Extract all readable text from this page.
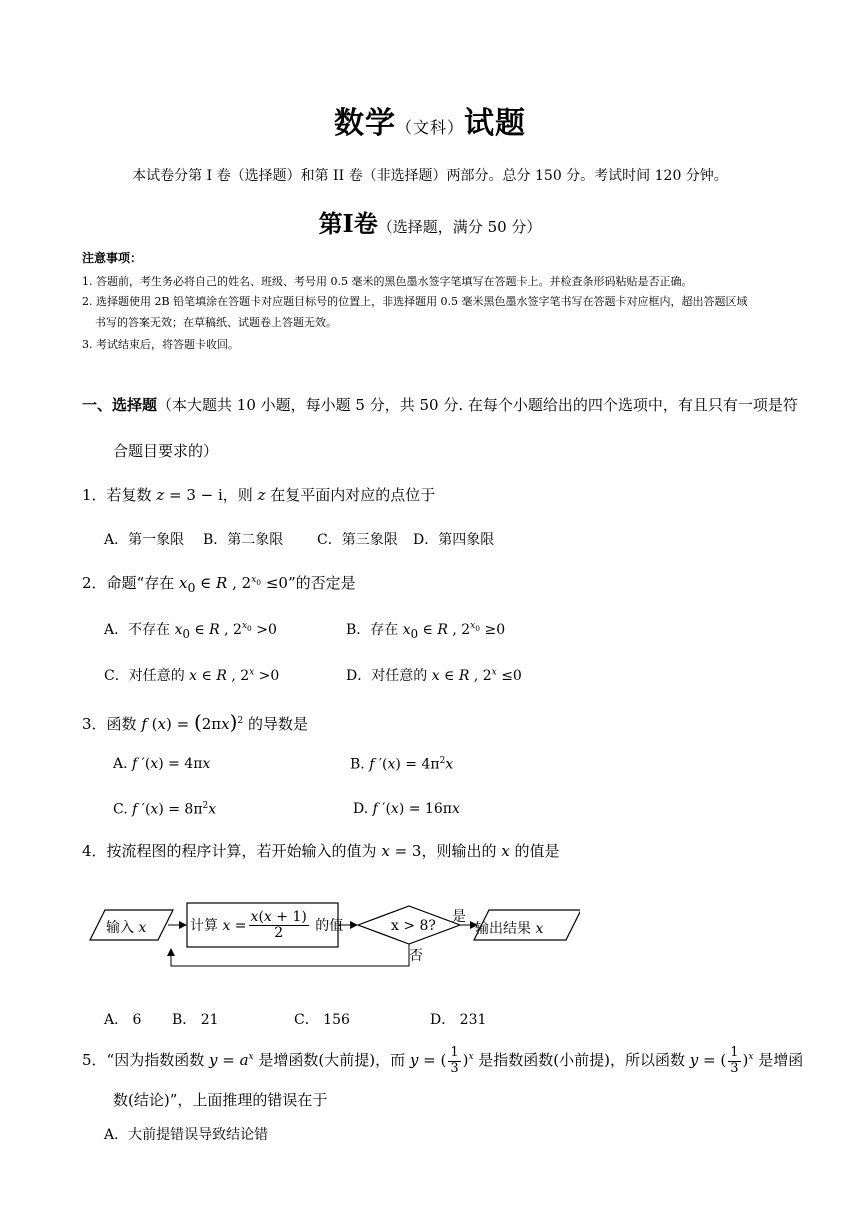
数学（文科）试题
本试卷分第 I 卷（选择题）和第 II 卷（非选择题）两部分。总分 150 分。考试时间 120 分钟。
第Ⅰ卷（选择题，满分 50 分）
注意事项：
1. 答题前，考生务必将自己的姓名、班级、考号用 0.5 毫米的黑色墨水签字笔填写在答题卡上。并检查条形码粘贴是否正确。
2. 选择题使用 2B 铅笔填涂在答题卡对应题目标号的位置上，非选择题用 0.5 毫米黑色墨水签字笔书写在答题卡对应框内，超出答题区域
书写的答案无效；在草稿纸、试题卷上答题无效。
3. 考试结束后，将答题卡收回。
一、选择题（本大题共 10 小题，每小题 5 分，共 50 分. 在每个小题给出的四个选项中，有且只有一项是符
合题目要求的）
1．若复数 z = 3 − i，则 z 在复平面内对应的点位于
A．第一象限 B．第二象限 C．第三象限 D．第四象限
2．命题“存在 $x_0$ ∈ R , $2^{x_0} \le 0$”的否定是
A．不存在 $x_0$ ∈ R , $2^{x_0} >0$	B．存在 $x_0$ ∈ R , $2^{x_0} \ge 0$
C．对任意的 x ∈ R , $2^x >0$	D．对任意的 x ∈ R , $2^x \le 0$
3．函数 f $(x) = (2\pi x)^2$ 的导数是
A. f ′(x) = 4πx	B. f $'(x) = 4\pi^2x$
C. f $'(x) = 8\pi^2x$	D. f ′(x) = 16πx
4．按流程图的程序计算，若开始输入的值为 x = 3，则输出的 x 的值是
输入 x	计算 $x = \frac{x(x + 1)}{2}$ 的值	x > 8?
是
否
输出结果 x
A． 6 B． 21	C． 156	D． 231
5．“因为指数函数 $y = a^x$ 是增函数(大前提)，而 y = ( $\frac{1}{3} )^x$ 是指数函数(小前提)，所以函数 y = ( $\frac{1}{3} )^x$ 是增函
数(结论)”，上面推理的错误在于
A．大前提错误导致结论错
